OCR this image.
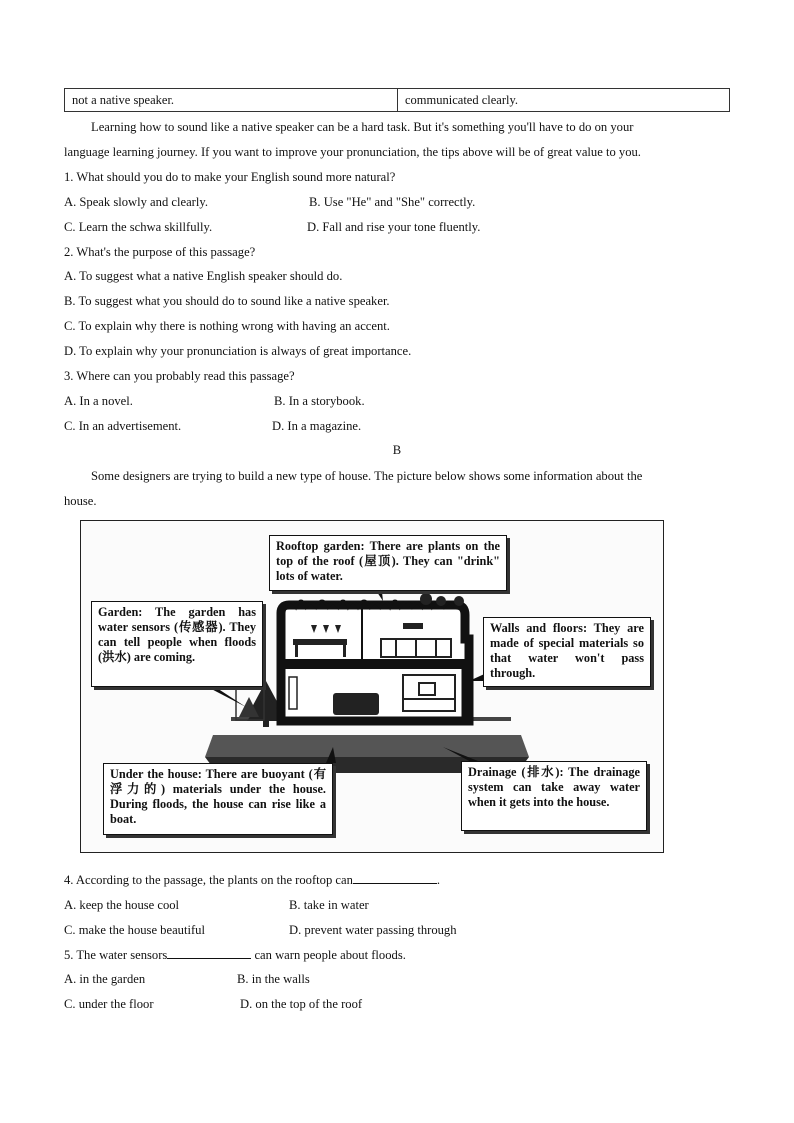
not a native speaker.	communicated clearly.
Learning how to sound like a native speaker can be a hard task. But it's something you'll have to do on your
language learning journey. If you want to improve your pronunciation, the tips above will be of great value to you.
1. What should you do to make your English sound more natural?
A. Speak slowly and clearly.	B. Use "He" and "She" correctly.
C. Learn the schwa skillfully.	D. Fall and rise your tone fluently.
2. What's the purpose of this passage?
A. To suggest what a native English speaker should do.
B. To suggest what you should do to sound like a native speaker.
C. To explain why there is nothing wrong with having an accent.
D. To explain why your pronunciation is always of great importance.
3. Where can you probably read this passage?
A. In a novel.	B. In a storybook.
C. In an advertisement.	D. In a magazine.
B
Some designers are trying to build a new type of house. The picture below shows some information about the
house.
Rooftop garden: There are plants on the top of the roof (屋顶). They can "drink" lots of water.
Garden: The garden has water sensors (传感器). They can tell people when floods (洪水) are coming.
Walls and floors: They are made of special materials so that water won't pass through.
Under the house: There are buoyant (有浮力的) materials under the house. During floods, the house can rise like a boat.
Drainage (排水): The drainage system can take away water when it gets into the house.
4. According to the passage, the plants on the rooftop can	.
A. keep the house cool	B. take in water
C. make the house beautiful	D. prevent water passing through
5. The water sensors	can warn people about floods.
A. in the garden	B. in the walls
C. under the floor	D. on the top of the roof
